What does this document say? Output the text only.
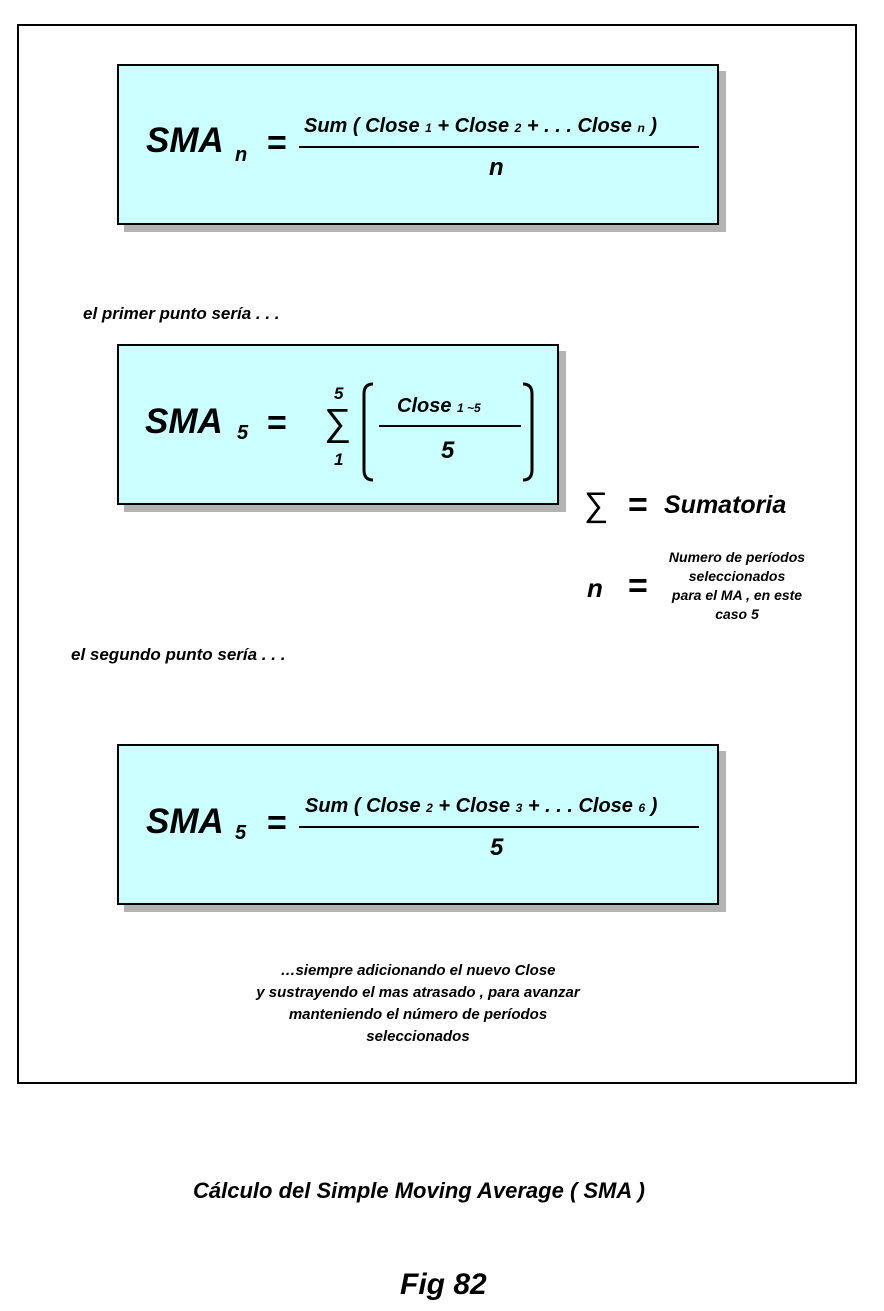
SMA n = Sum ( Close 1 + Close 2 + . . . Close n )
n
el primer punto sería . . .
SMA 5 =
5
∑
1
Close 1 ~5
5
∑ = Sumatoria
n =
Numero de períodos
seleccionados
para el MA , en este
caso 5
el segundo punto sería . . .
SMA 5 = Sum ( Close 2 + Close 3 + . . . Close 6 )
5
…siempre adicionando el nuevo Close
y sustrayendo el mas atrasado , para avanzar
manteniendo el número de períodos
seleccionados
Cálculo del Simple Moving Average ( SMA )
Fig 82
